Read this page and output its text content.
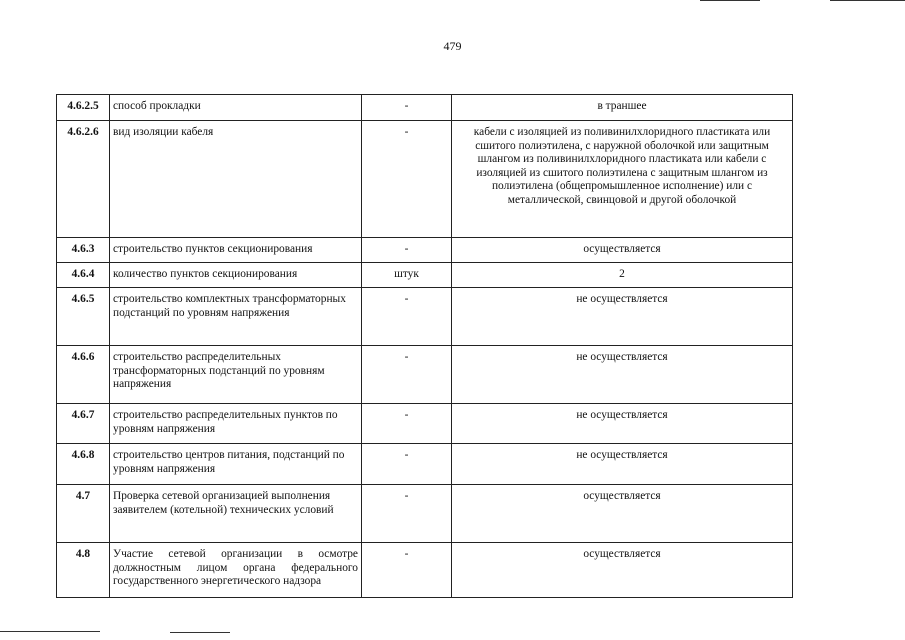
479
4.6.2.5	способ прокладки	-	в траншее
4.6.2.6	вид изоляции кабеля	-	кабели с изоляцией из поливинилхлоридного пластиката или сшитого полиэтилена, с наружной оболочкой или защитным шлангом из поливинилхлоридного пластиката или кабели с изоляцией из сшитого полиэтилена с защитным шлангом из полиэтилена (общепромышленное исполнение) или с металлической, свинцовой и другой оболочкой
4.6.3	строительство пунктов секционирования	-	осуществляется
4.6.4	количество пунктов секционирования	штук	2
4.6.5	строительство комплектных трансформаторных подстанций по уровням напряжения	-	не осуществляется
4.6.6	строительство распределительных трансформаторных подстанций по уровням напряжения	-	не осуществляется
4.6.7	строительство распределительных пунктов по уровням напряжения	-	не осуществляется
4.6.8	строительство центров питания, подстанций по уровням напряжения	-	не осуществляется
4.7	Проверка сетевой организацией выполнения заявителем (котельной) технических условий	-	осуществляется
4.8	Участие сетевой организации в осмотре должностным лицом органа федерального государственного энергетического надзора	-	осуществляется
